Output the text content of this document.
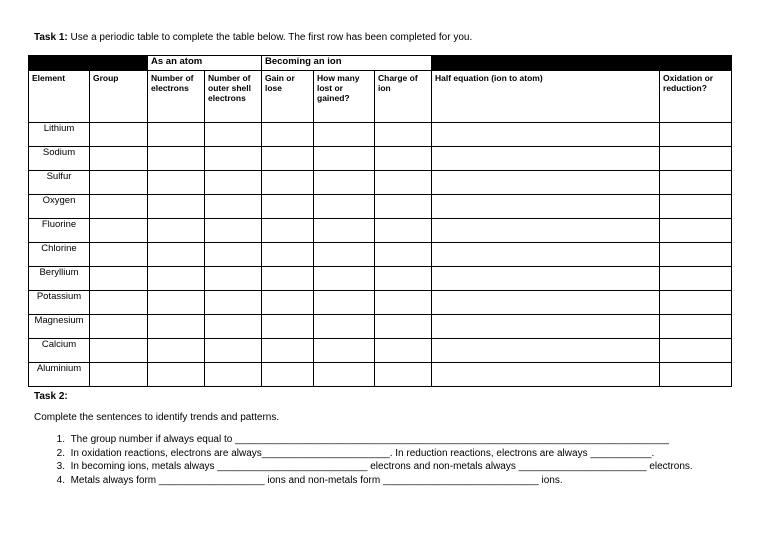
Task 1: Use a periodic table to complete the table below. The first row has been completed for you.
		As an atom		Becoming an ion				
Element	Group	Number of electrons	Number of outer shell electrons	Gain or lose	How many lost or gained?	Charge of ion	Half equation (ion to atom)	Oxidation or reduction?
Lithium								
Sodium								
Sulfur								
Oxygen								
Fluorine								
Chlorine								
Beryllium								
Potassium								
Magnesium								
Calcium								
Aluminium								
Task 2:
Complete the sentences to identify trends and patterns.
1. The group number if always equal to ______________________________________________________________________________
2. In oxidation reactions, electrons are always_______________________. In reduction reactions, electrons are always ___________.
3. In becoming ions, metals always ___________________________ electrons and non-metals always _______________________ electrons.
4. Metals always form ___________________ ions and non-metals form ____________________________ ions.
